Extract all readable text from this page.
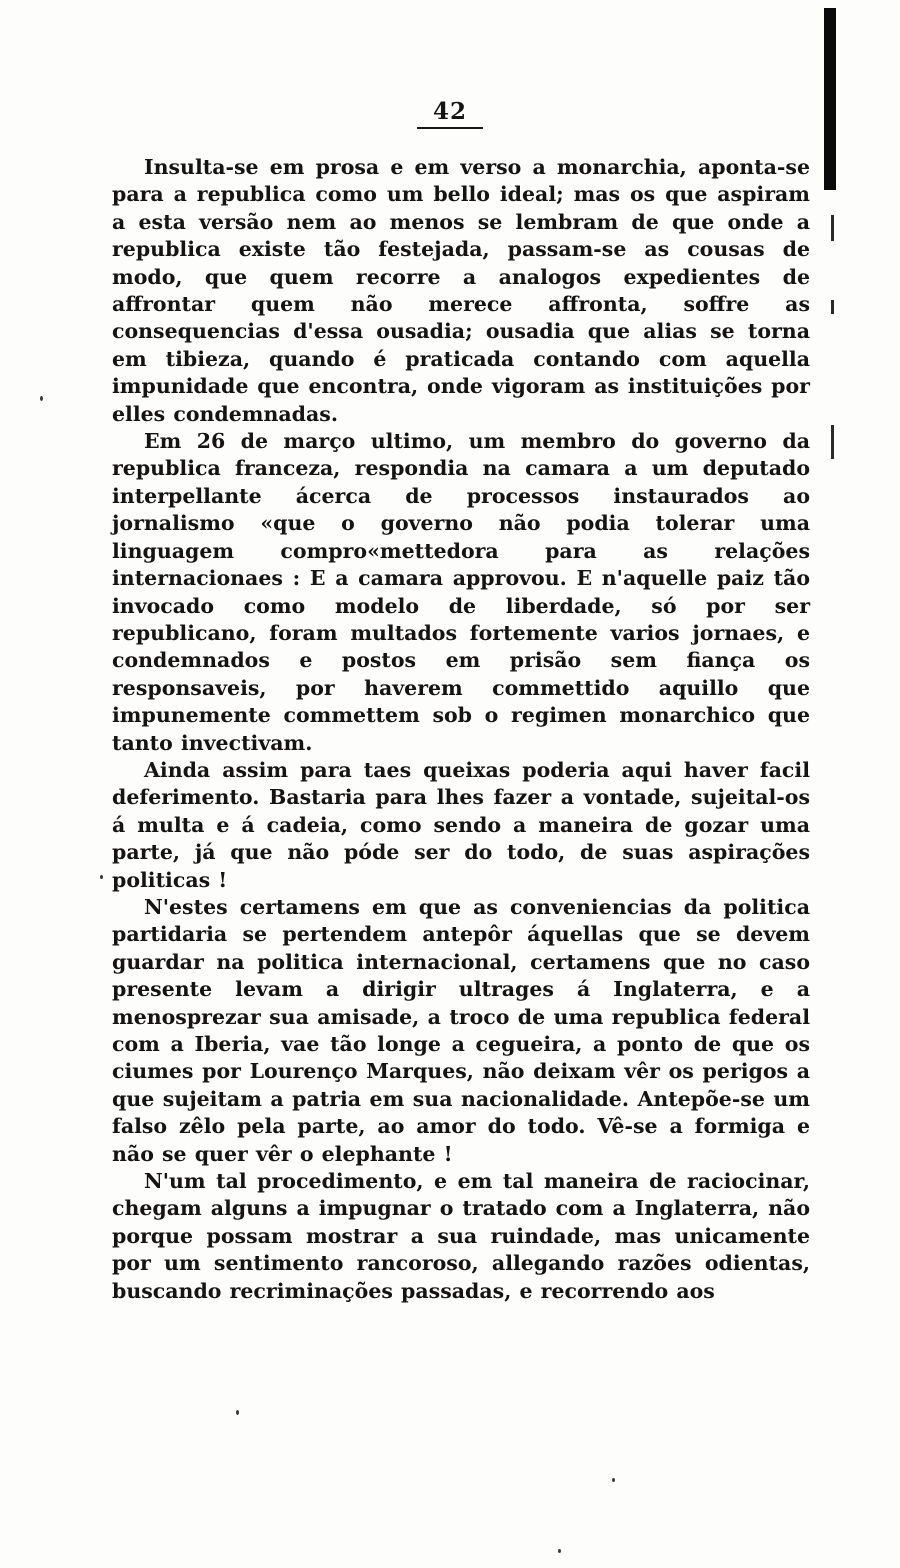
42

Insulta-se em prosa e em verso a monarchia, aponta-se para a republica como um bello ideal; mas os que aspiram a esta versão nem ao menos se lembram de que onde a republica existe tão festejada, passam-se as cousas de modo, que quem recorre a analogos expedientes de affrontar quem não merece affronta, soffre as consequencias d'essa ousadia; ousadia que alias se torna em tibieza, quando é praticada contando com aquella impunidade que encontra, onde vigoram as instituições por elles condemnadas.

Em 26 de março ultimo, um membro do governo da republica franceza, respondia na camara a um deputado interpellante ácerca de processos instaurados ao jornalismo «que o governo não podia tolerar uma linguagem compro«mettedora para as relações internacionaes : E a camara approvou. E n'aquelle paiz tão invocado como modelo de liberdade, só por ser republicano, foram multados fortemente varios jornaes, e condemnados e postos em prisão sem fiança os responsaveis, por haverem commettido aquillo que impunemente commettem sob o regimen monarchico que tanto invectivam.

Ainda assim para taes queixas poderia aqui haver facil deferimento. Bastaria para lhes fazer a vontade, sujeital-os á multa e á cadeia, como sendo a maneira de gozar uma parte, já que não póde ser do todo, de suas aspirações politicas !

N'estes certamens em que as conveniencias da politica partidaria se pertendem antepôr áquellas que se devem guardar na politica internacional, certamens que no caso presente levam a dirigir ultrages á Inglaterra, e a menosprezar sua amisade, a troco de uma republica federal com a Iberia, vae tão longe a cegueira, a ponto de que os ciumes por Lourenço Marques, não deixam vêr os perigos a que sujeitam a patria em sua nacionalidade. Antepõe-se um falso zêlo pela parte, ao amor do todo. Vê-se a formiga e não se quer vêr o elephante !

N'um tal procedimento, e em tal maneira de raciocinar, chegam alguns a impugnar o tratado com a Inglaterra, não porque possam mostrar a sua ruindade, mas unicamente por um sentimento rancoroso, allegando razões odientas, buscando recriminações passadas, e recorrendo aos
